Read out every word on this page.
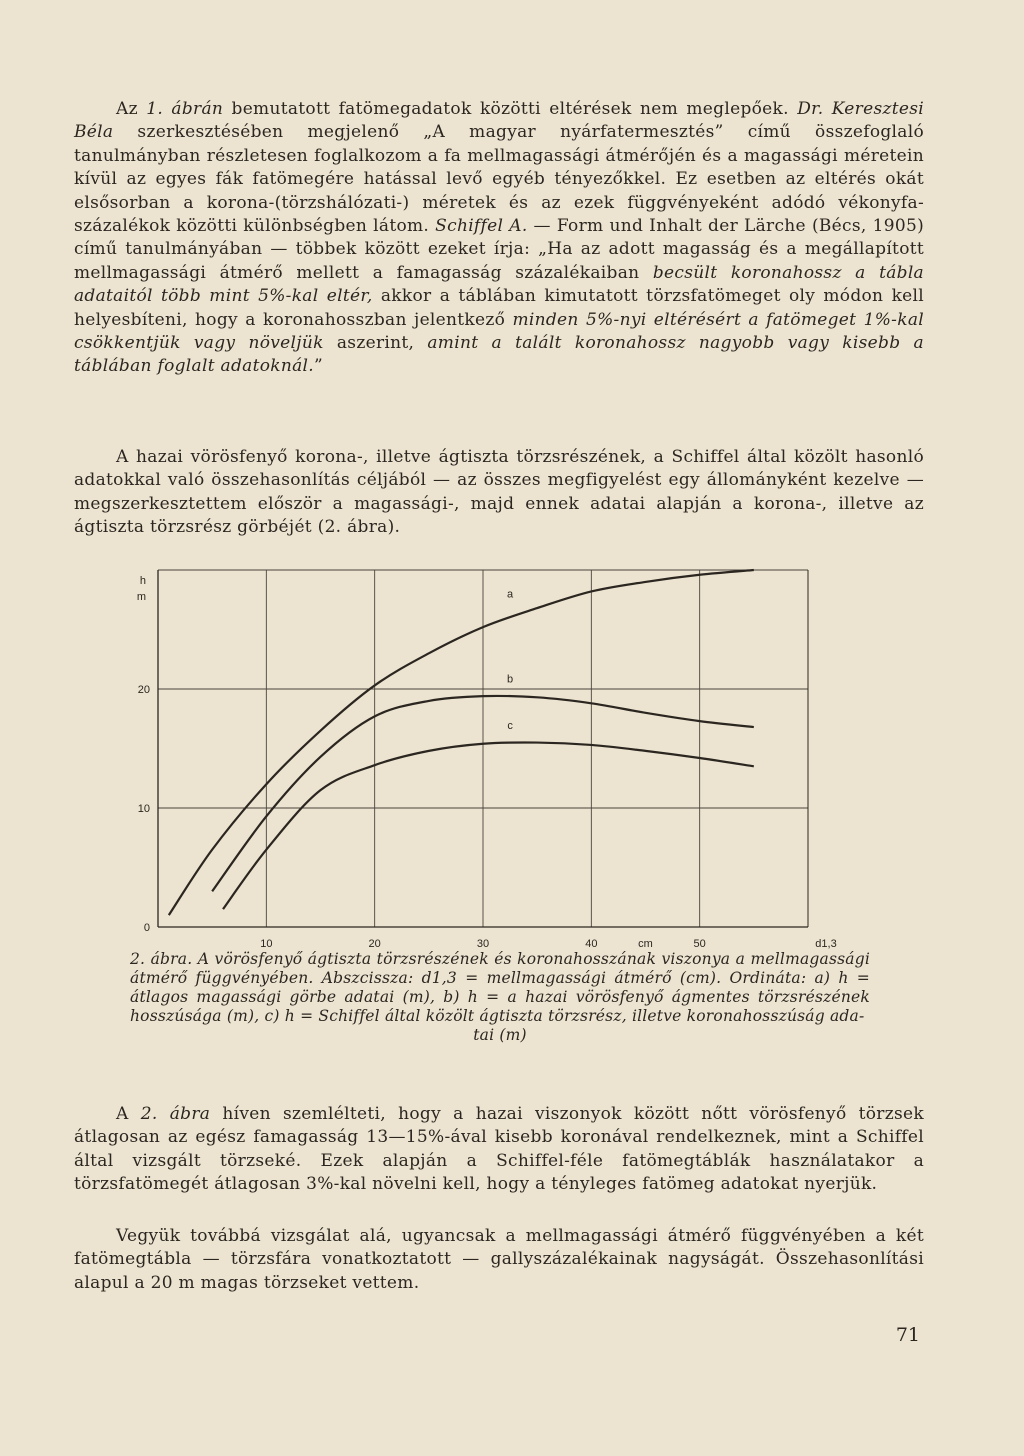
Az 1. ábrán bemutatott fatömegadatok közötti eltérések nem meglepőek. Dr. Keresztesi Béla szerkesztésében megjelenő „A magyar nyárfatermesztés” című összefoglaló tanulmányban részletesen foglalkozom a fa mellmagassági átmérőjén és a magassági méretein kívül az egyes fák fatömegére hatással levő egyéb tényezőkkel. Ez esetben az eltérés okát elsősorban a korona-(törzshálózati-) méretek és az ezek függvényeként adódó vékonyfa-százalékok közötti különbségben látom. Schiffel A. — Form und Inhalt der Lärche (Bécs, 1905) című tanulmányában — többek között ezeket írja: „Ha az adott magasság és a megállapított mellmagassági átmérő mellett a famagasság százalékaiban becsült koronahossz a tábla adataitól több mint 5%-kal eltér, akkor a táblában kimutatott törzsfatömeget oly módon kell helyesbíteni, hogy a koronahosszban jelentkező minden 5%-nyi eltérésért a fatömeget 1%-kal csökkentjük vagy növeljük aszerint, amint a talált koronahossz nagyobb vagy kisebb a táblában foglalt adatoknál.”

A hazai vörösfenyő korona-, illetve ágtiszta törzsrészének, a Schiffel által közölt hasonló adatokkal való összehasonlítás céljából — az összes megfigyelést egy állományként kezelve — megszerkesztettem először a magassági-, majd ennek adatai alapján a korona-, illetve az ágtiszta törzsrész görbéjét (2. ábra).

10	20	30	40	50
0
10
20
h
m
cm	d1,3
a
b
c
2. ábra. A vörösfenyő ágtiszta törzsrészének és koronahosszának viszonya a mellmagassági átmérő függvényében. Abszcissza: d1,3 = mellmagassági átmérő (cm). Ordináta: a) h = átlagos magassági görbe adatai (m), b) h = a hazai vörösfenyő ágmentes törzsrészének hosszúsága (m), c) h = Schiffel által közölt ágtiszta törzsrész, illetve koronahosszúság ada-
tai (m)

A 2. ábra híven szemlélteti, hogy a hazai viszonyok között nőtt vörösfenyő törzsek átlagosan az egész famagasság 13—15%-ával kisebb koronával rendelkeznek, mint a Schiffel által vizsgált törzseké. Ezek alapján a Schiffel-féle fatömegtáblák használatakor a törzsfatömegét átlagosan 3%-kal növelni kell, hogy a tényleges fatömeg adatokat nyerjük.

Vegyük továbbá vizsgálat alá, ugyancsak a mellmagassági átmérő függvényében a két fatömegtábla — törzsfára vonatkoztatott — gallyszázalékainak nagyságát. Összehasonlítási alapul a 20 m magas törzseket vettem.

71
